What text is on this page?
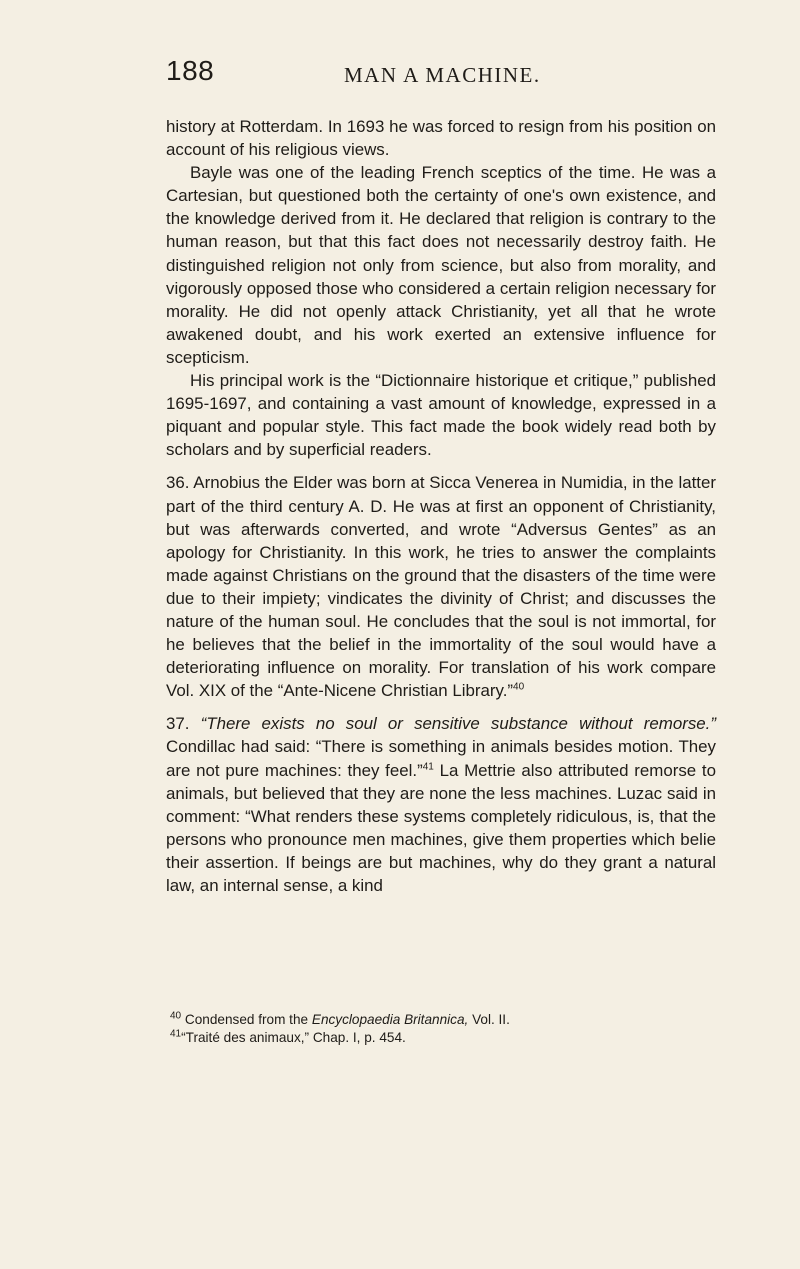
188	MAN A MACHINE.

history at Rotterdam. In 1693 he was forced to resign from his position on account of his religious views.

Bayle was one of the leading French sceptics of the time. He was a Cartesian, but questioned both the certainty of one's own existence, and the knowledge derived from it. He declared that religion is contrary to the human reason, but that this fact does not necessarily destroy faith. He distinguished religion not only from science, but also from morality, and vigorously opposed those who considered a certain religion necessary for morality. He did not openly attack Christianity, yet all that he wrote awakened doubt, and his work exerted an extensive influence for scepticism.

His principal work is the “Dictionnaire historique et critique,” published 1695-1697, and containing a vast amount of knowledge, expressed in a piquant and popular style. This fact made the book widely read both by scholars and by superficial readers.

36. Arnobius the Elder was born at Sicca Venerea in Numidia, in the latter part of the third century A. D. He was at first an opponent of Christianity, but was afterwards converted, and wrote “Adversus Gentes” as an apology for Christianity. In this work, he tries to answer the complaints made against Christians on the ground that the disasters of the time were due to their impiety; vindicates the divinity of Christ; and discusses the nature of the human soul. He concludes that the soul is not immortal, for he believes that the belief in the immortality of the soul would have a deteriorating influence on morality. For translation of his work compare Vol. XIX of the “Ante-Nicene Christian Library.”$^{40}$

37. “There exists no soul or sensitive substance without remorse.” Condillac had said: “There is something in animals besides motion. They are not pure machines: they feel.”$^{41}$ La Mettrie also attributed remorse to animals, but believed that they are none the less machines. Luzac said in comment: “What renders these systems completely ridiculous, is, that the persons who pronounce men machines, give them properties which belie their assertion. If beings are but machines, why do they grant a natural law, an internal sense, a kind

$^{40}$ Condensed from the Encyclopaedia Britannica, Vol. II.

$^{41}$“Traité des animaux,” Chap. I, p. 454.
